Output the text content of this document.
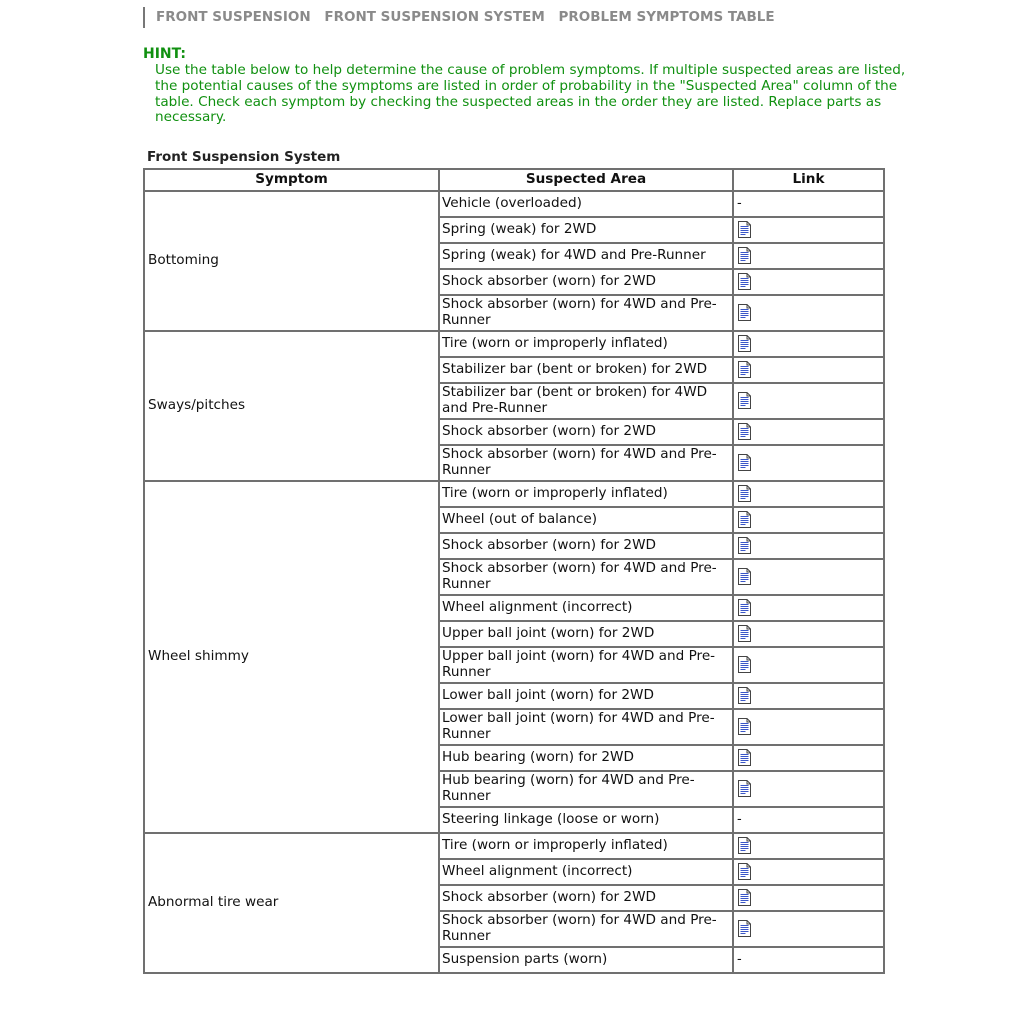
FRONT SUSPENSION FRONT SUSPENSION SYSTEM PROBLEM SYMPTOMS TABLE
HINT:
Use the table below to help determine the cause of problem symptoms. If multiple suspected areas are listed, the potential causes of the symptoms are listed in order of probability in the "Suspected Area" column of the table. Check each symptom by checking the suspected areas in the order they are listed. Replace parts as necessary.
Front Suspension System
Symptom	Suspected Area	Link
Bottoming	Vehicle (overloaded)	-
	Spring (weak) for 2WD	
	Spring (weak) for 4WD and Pre-Runner	
	Shock absorber (worn) for 2WD	
	Shock absorber (worn) for 4WD and Pre-Runner	
Sways/pitches	Tire (worn or improperly inflated)	
	Stabilizer bar (bent or broken) for 2WD	
	Stabilizer bar (bent or broken) for 4WD and Pre-Runner	
	Shock absorber (worn) for 2WD	
	Shock absorber (worn) for 4WD and Pre-Runner	
Wheel shimmy	Tire (worn or improperly inflated)	
	Wheel (out of balance)	
	Shock absorber (worn) for 2WD	
	Shock absorber (worn) for 4WD and Pre-Runner	
	Wheel alignment (incorrect)	
	Upper ball joint (worn) for 2WD	
	Upper ball joint (worn) for 4WD and Pre-Runner	
	Lower ball joint (worn) for 2WD	
	Lower ball joint (worn) for 4WD and Pre-Runner	
	Hub bearing (worn) for 2WD	
	Hub bearing (worn) for 4WD and Pre-Runner	
	Steering linkage (loose or worn)	-
Abnormal tire wear	Tire (worn or improperly inflated)	
	Wheel alignment (incorrect)	
	Shock absorber (worn) for 2WD	
	Shock absorber (worn) for 4WD and Pre-Runner	
	Suspension parts (worn)	-
